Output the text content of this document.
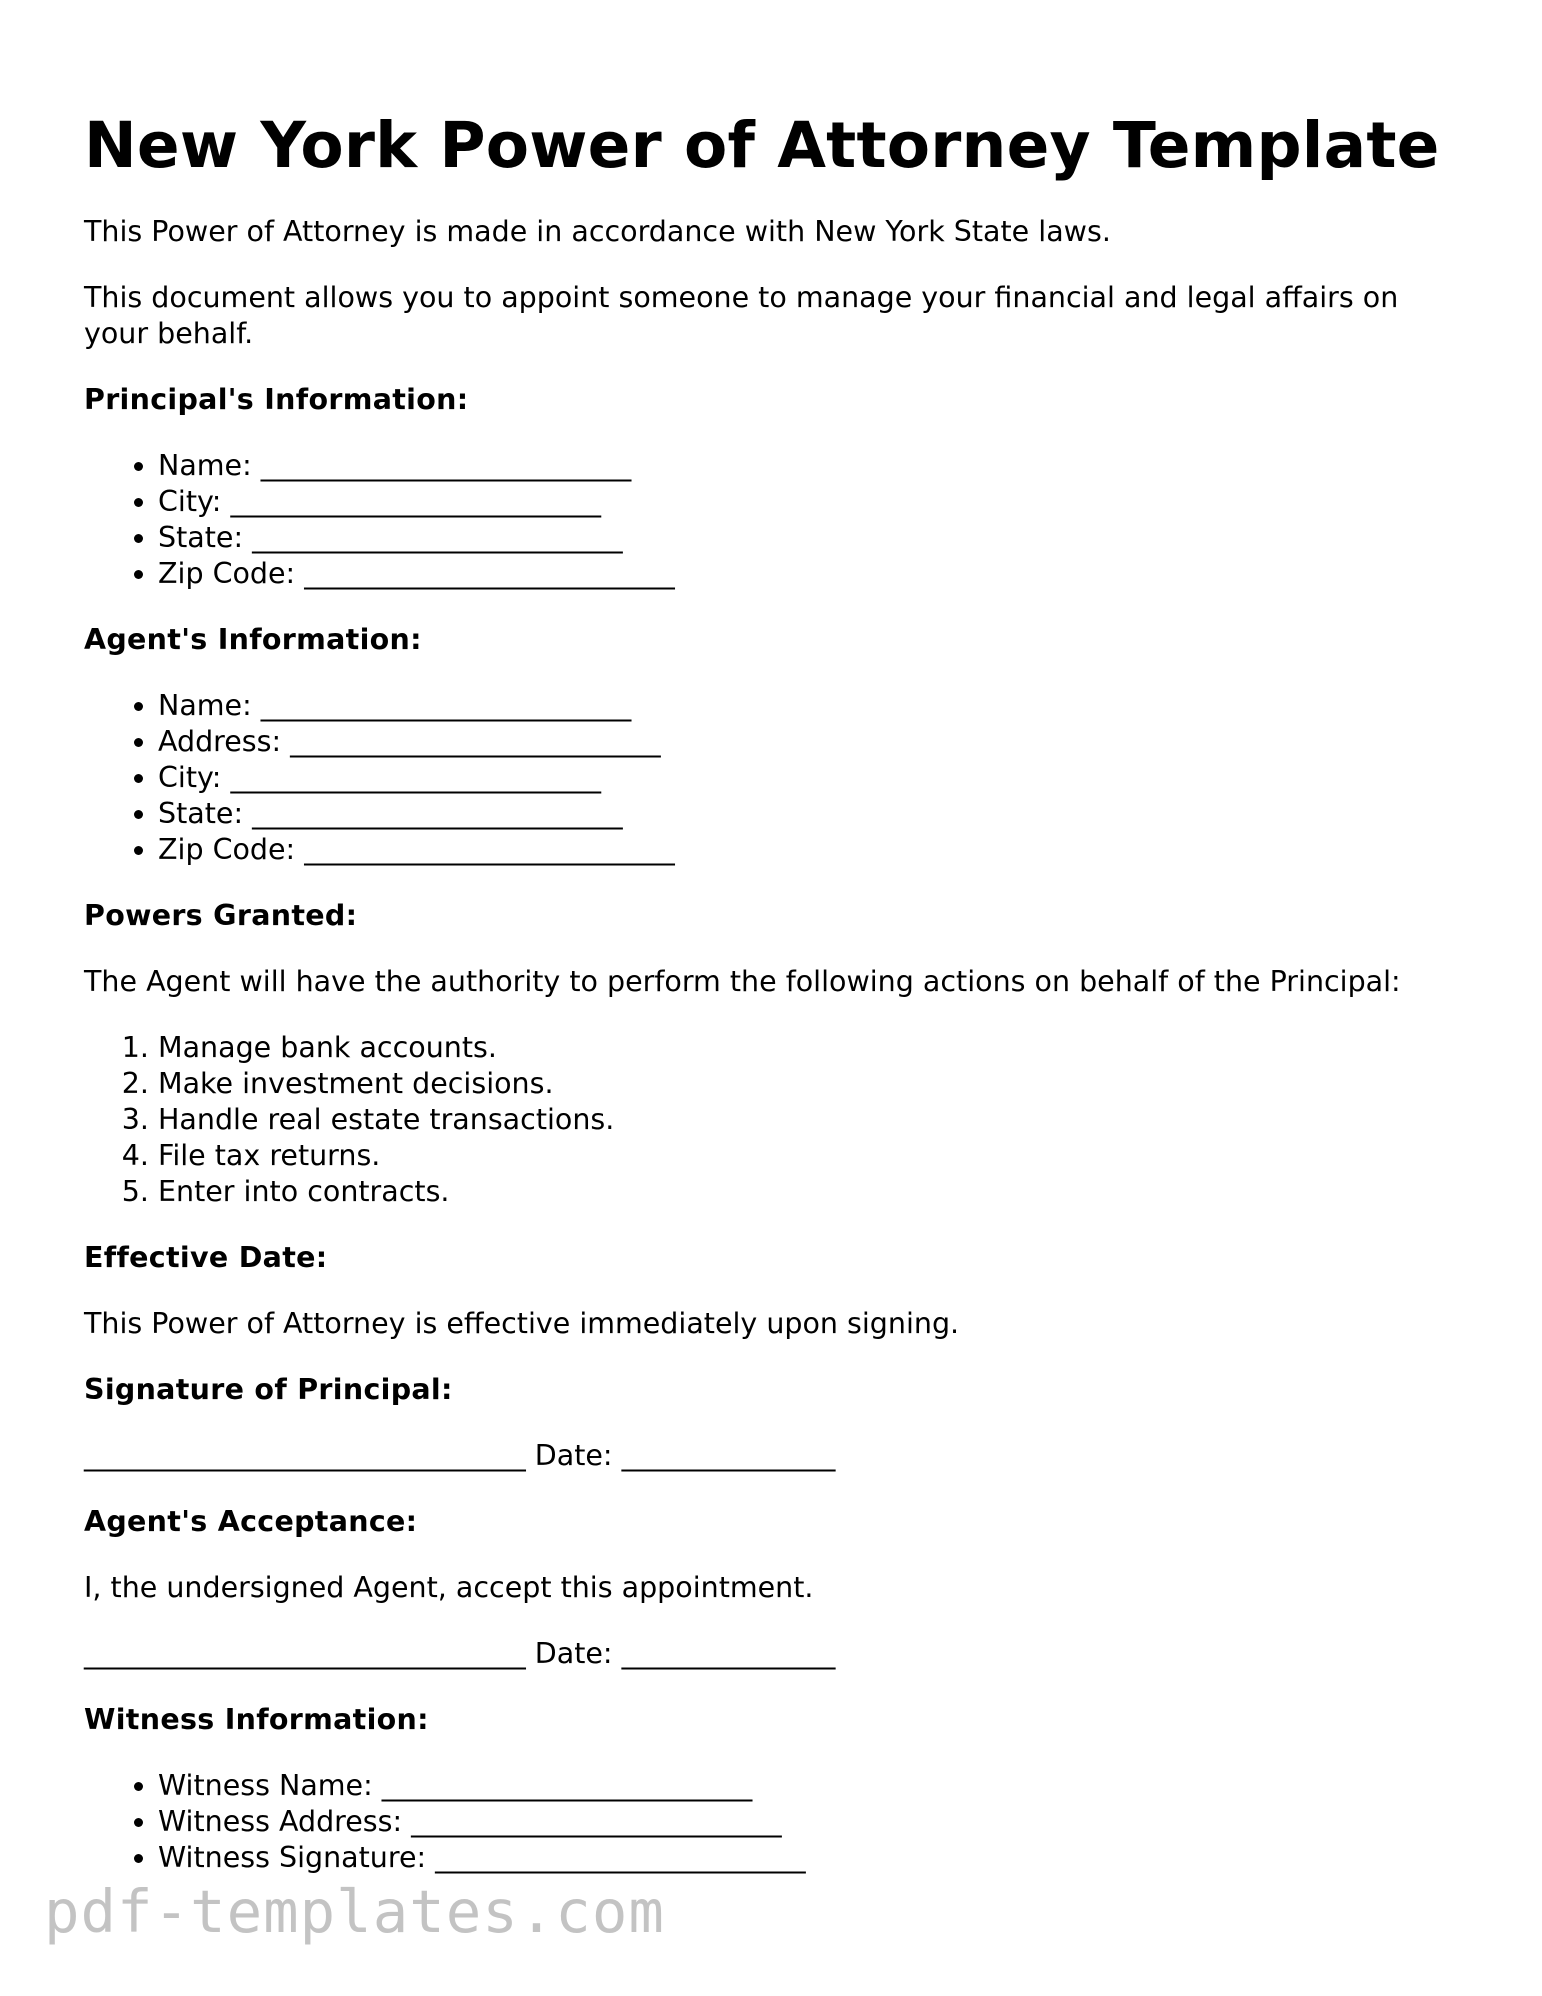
New York Power of Attorney Template

This Power of Attorney is made in accordance with New York State laws.

This document allows you to appoint someone to manage your financial and legal affairs on your behalf.

Principal's Information:
• Name: __________________________
• City: __________________________
• State: __________________________
• Zip Code: __________________________
Agent's Information:
• Name: __________________________
• Address: __________________________
• City: __________________________
• State: __________________________
• Zip Code: __________________________
Powers Granted:

The Agent will have the authority to perform the following actions on behalf of the Principal:

1. Manage bank accounts.
2. Make investment decisions.
3. Handle real estate transactions.
4. File tax returns.
5. Enter into contracts.
Effective Date:

This Power of Attorney is effective immediately upon signing.

Signature of Principal:

_______________________________ Date: _______________

Agent's Acceptance:

I, the undersigned Agent, accept this appointment.

_______________________________ Date: _______________

Witness Information:
• Witness Name: __________________________
• Witness Address: __________________________
• Witness Signature: __________________________
pdf-templates.com
